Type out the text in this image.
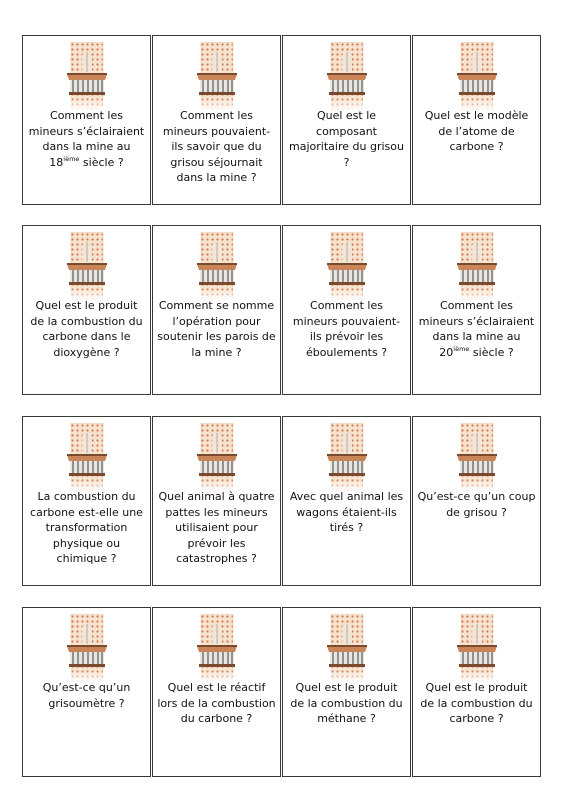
Comment les mineurs s’éclairaient dans la mine au 18ième siècle ?
Comment les mineurs pouvaient-ils savoir que du grisou séjournait dans la mine ?
Quel est le composant majoritaire du grisou ?
Quel est le modèle de l’atome de carbone ?
Quel est le produit de la combustion du carbone dans le dioxygène ?
Comment se nomme l’opération pour soutenir les parois de la mine ?
Comment les mineurs pouvaient-ils prévoir les éboulements ?
Comment les mineurs s’éclairaient dans la mine au 20ième siècle ?
La combustion du carbone est-elle une transformation physique ou chimique ?
Quel animal à quatre pattes les mineurs utilisaient pour prévoir les catastrophes ?
Avec quel animal les wagons étaient-ils tirés ?
Qu’est-ce qu’un coup de grisou ?
Qu’est-ce qu’un grisoumètre ?
Quel est le réactif lors de la combustion du carbone ?
Quel est le produit de la combustion du méthane ?
Quel est le produit de la combustion du carbone ?
